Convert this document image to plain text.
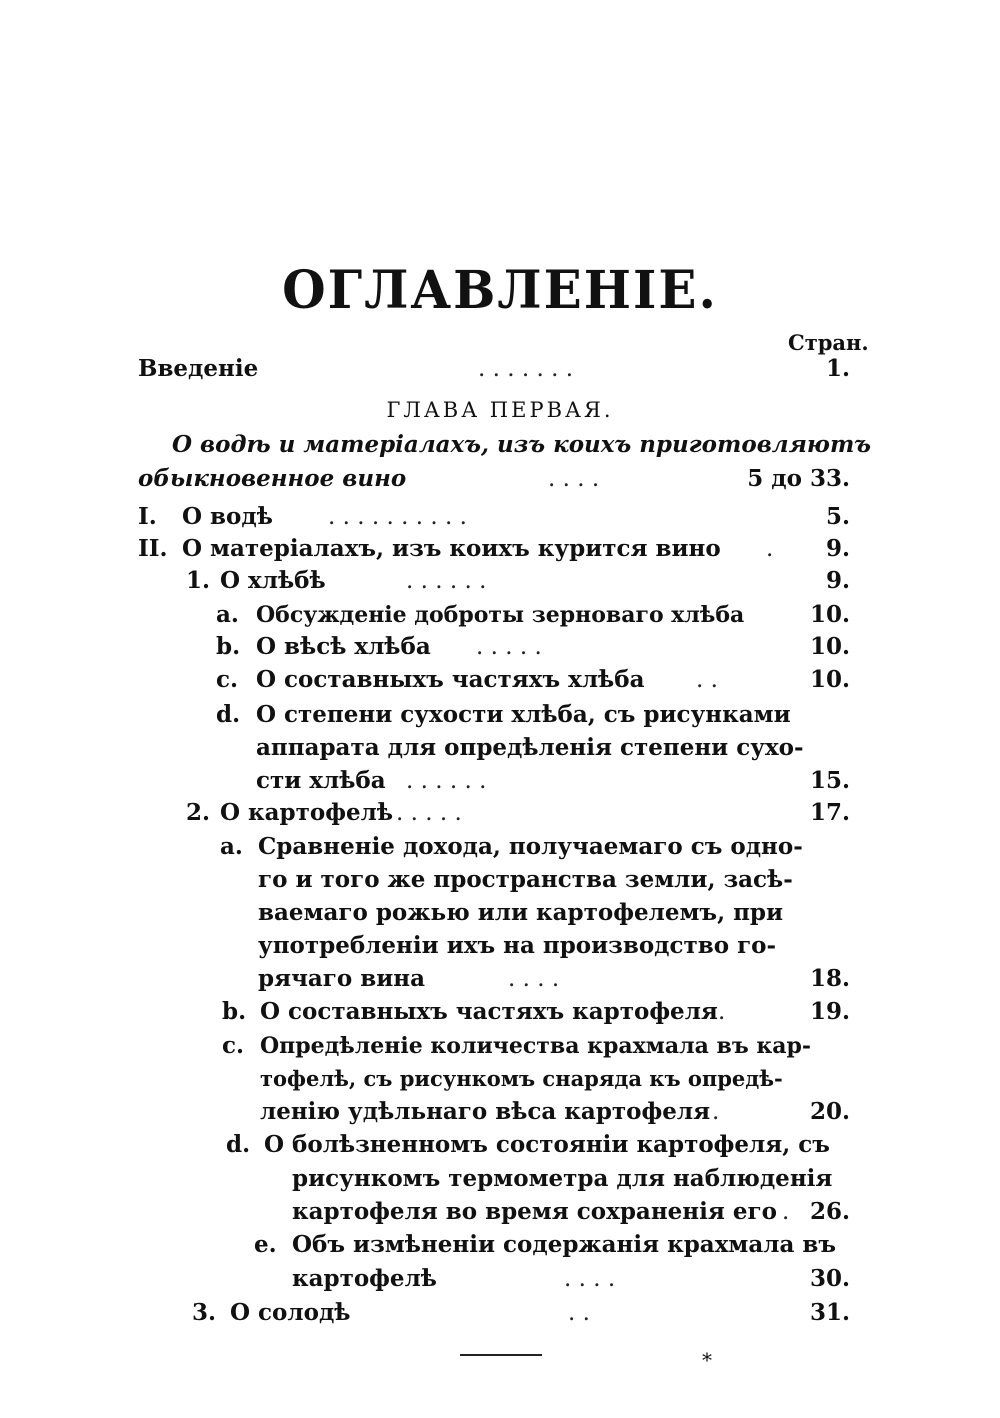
ОГЛАВЛЕНІЕ.
Стран.
Введеніе	. . . . . . .	1.
ГЛАВА ПЕРВАЯ.
О водѣ и матеріалахъ, изъ коихъ приготовляютъ
обыкновенное вино	. . . .	5 до 33.
I. О водѣ . . . . . . . . . .	5.
II. О матеріалахъ, изъ коихъ курится вино . 9.
1. О хлѣбѣ	. . . . . .	9.
a. Обсужденіе доброты зерноваго хлѣба	10.
b. О вѣсѣ хлѣба . . . . .	10.
c. О составныхъ частяхъ хлѣба . .	10.
d. О степени сухости хлѣба, съ рисунками
аппарата для опредѣленія степени сухо-
сти хлѣба . . . . . .	15.
2. О картофелѣ . . . . .	17.
a. Сравненіе дохода, получаемаго съ одно-
го и того же пространства земли, засѣ-
ваемаго рожью или картофелемъ, при
употребленіи ихъ на производство го-
рячаго вина	. . . .	18.
b. О составныхъ частяхъ картофеля .	19.
c. Опредѣленіе количества крахмала въ кар-
тофелѣ, съ рисункомъ снаряда къ опредѣ-
ленію удѣльнаго вѣса картофеля .	20.
d. О болѣзненномъ состояніи картофеля, съ
рисункомъ термометра для наблюденія
картофеля во время сохраненія его . 26.
e. Объ измѣненіи содержанія крахмала въ
картофелѣ	. . . .	30.
3. О солодѣ	. .	31.
*
